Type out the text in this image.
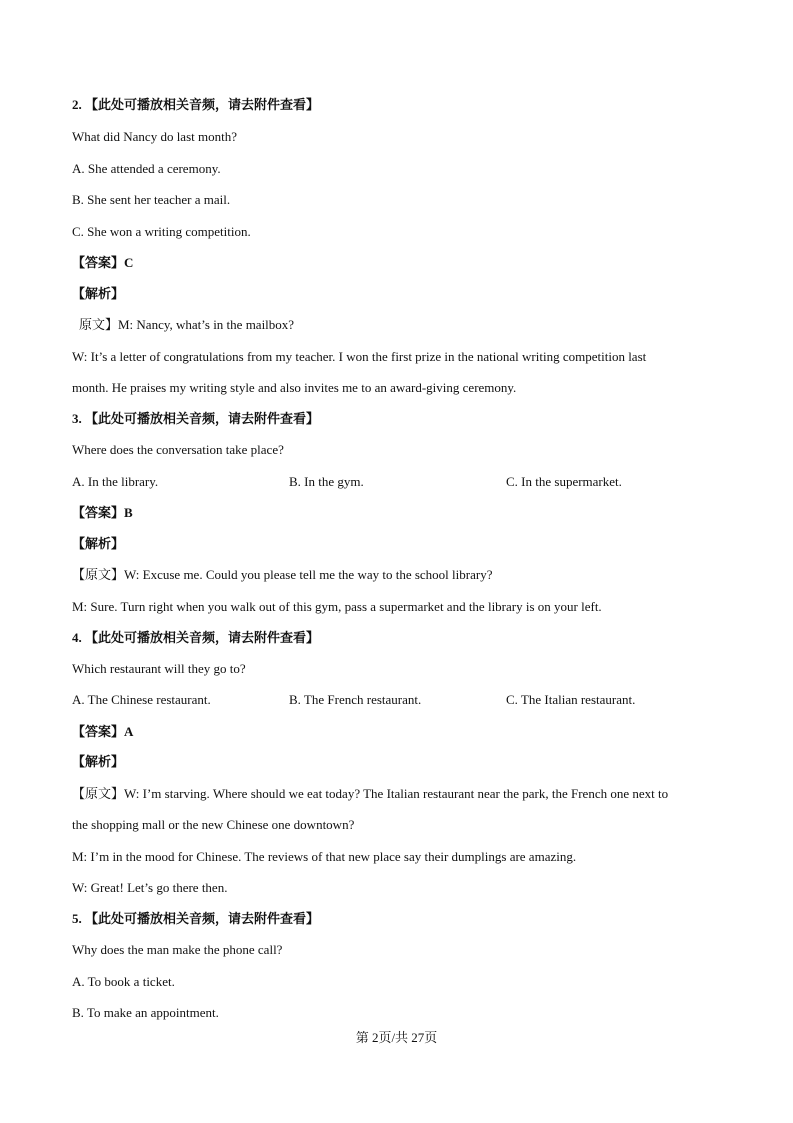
2. 【此处可播放相关音频，请去附件查看】
What did Nancy do last month?
A. She attended a ceremony.
B. She sent her teacher a mail.
C. She won a writing competition.
【答案】C
【解析】
原文】M: Nancy, what’s in the mailbox?
W: It’s a letter of congratulations from my teacher. I won the first prize in the national writing competition last
month. He praises my writing style and also invites me to an award-giving ceremony.
3. 【此处可播放相关音频，请去附件查看】
Where does the conversation take place?
A. In the library.	B. In the gym.	C. In the supermarket.
【答案】B
【解析】
【原文】W: Excuse me. Could you please tell me the way to the school library?
M: Sure. Turn right when you walk out of this gym, pass a supermarket and the library is on your left.
4. 【此处可播放相关音频，请去附件查看】
Which restaurant will they go to?
A. The Chinese restaurant.	B. The French restaurant.	C. The Italian restaurant.
【答案】A
【解析】
【原文】W: I’m starving. Where should we eat today? The Italian restaurant near the park, the French one next to
the shopping mall or the new Chinese one downtown?
M: I’m in the mood for Chinese. The reviews of that new place say their dumplings are amazing.
W: Great! Let’s go there then.
5. 【此处可播放相关音频，请去附件查看】
Why does the man make the phone call?
A. To book a ticket.
B. To make an appointment.
第 2页/共 27页
